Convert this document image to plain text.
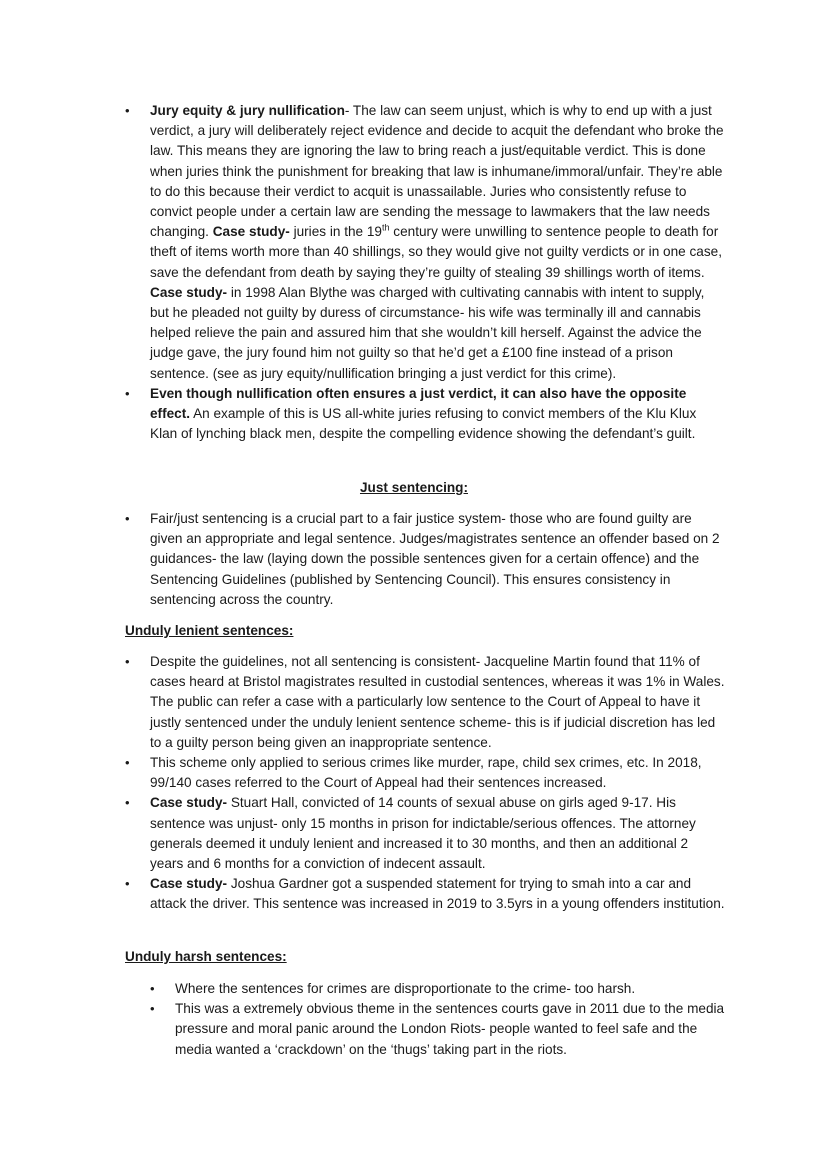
• Jury equity & jury nullification- The law can seem unjust, which is why to end up with a just verdict, a jury will deliberately reject evidence and decide to acquit the defendant who broke the law. This means they are ignoring the law to bring reach a just/equitable verdict. This is done when juries think the punishment for breaking that law is inhumane/immoral/unfair. They’re able to do this because their verdict to acquit is unassailable. Juries who consistently refuse to convict people under a certain law are sending the message to lawmakers that the law needs changing. Case study- juries in the 19th century were unwilling to sentence people to death for theft of items worth more than 40 shillings, so they would give not guilty verdicts or in one case, save the defendant from death by saying they’re guilty of stealing 39 shillings worth of items. Case study- in 1998 Alan Blythe was charged with cultivating cannabis with intent to supply, but he pleaded not guilty by duress of circumstance- his wife was terminally ill and cannabis helped relieve the pain and assured him that she wouldn’t kill herself. Against the advice the judge gave, the jury found him not guilty so that he’d get a £100 fine instead of a prison sentence. (see as jury equity/nullification bringing a just verdict for this crime).
• Even though nullification often ensures a just verdict, it can also have the opposite effect. An example of this is US all-white juries refusing to convict members of the Klu Klux Klan of lynching black men, despite the compelling evidence showing the defendant’s guilt.
Just sentencing:
• Fair/just sentencing is a crucial part to a fair justice system- those who are found guilty are given an appropriate and legal sentence. Judges/magistrates sentence an offender based on 2 guidances- the law (laying down the possible sentences given for a certain offence) and the Sentencing Guidelines (published by Sentencing Council). This ensures consistency in sentencing across the country.
Unduly lenient sentences:
• Despite the guidelines, not all sentencing is consistent- Jacqueline Martin found that 11% of cases heard at Bristol magistrates resulted in custodial sentences, whereas it was 1% in Wales. The public can refer a case with a particularly low sentence to the Court of Appeal to have it justly sentenced under the unduly lenient sentence scheme- this is if judicial discretion has led to a guilty person being given an inappropriate sentence.
• This scheme only applied to serious crimes like murder, rape, child sex crimes, etc. In 2018, 99/140 cases referred to the Court of Appeal had their sentences increased.
• Case study- Stuart Hall, convicted of 14 counts of sexual abuse on girls aged 9-17. His sentence was unjust- only 15 months in prison for indictable/serious offences. The attorney generals deemed it unduly lenient and increased it to 30 months, and then an additional 2 years and 6 months for a conviction of indecent assault.
• Case study- Joshua Gardner got a suspended statement for trying to smah into a car and attack the driver. This sentence was increased in 2019 to 3.5yrs in a young offenders institution.
Unduly harsh sentences:
• Where the sentences for crimes are disproportionate to the crime- too harsh.
• This was a extremely obvious theme in the sentences courts gave in 2011 due to the media pressure and moral panic around the London Riots- people wanted to feel safe and the media wanted a ‘crackdown’ on the ‘thugs’ taking part in the riots.
